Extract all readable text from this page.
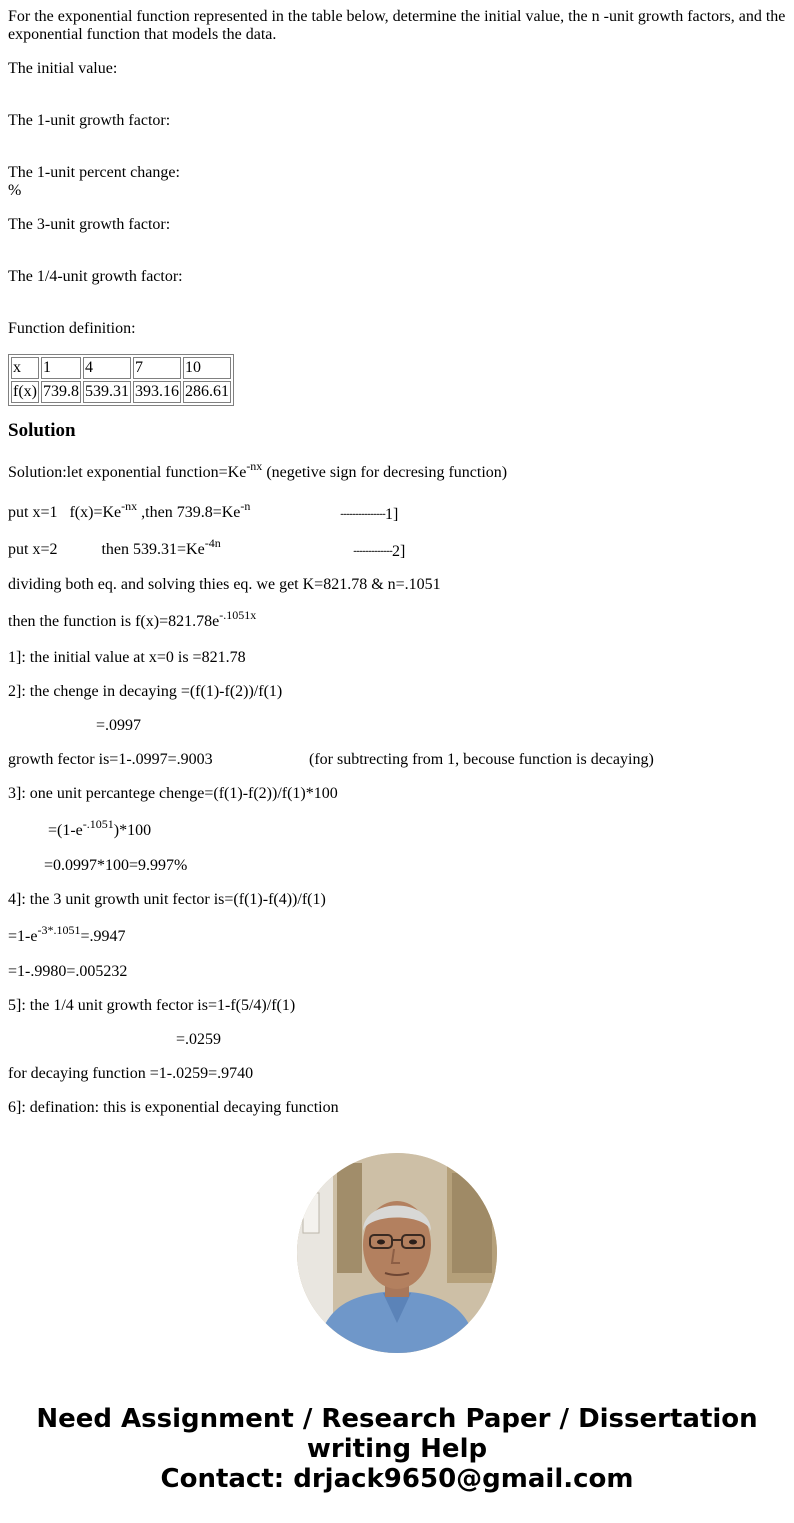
For the exponential function represented in the table below, determine the initial value, the n -unit growth factors, and the exponential function that models the data.

The initial value:

The 1-unit growth factor:

The 1-unit percent change:

%

The 3-unit growth factor:

The 1/4-unit growth factor:

Function definition:

x	1	4	7	10
f(x)	739.8	539.31	393.16	286.61
Solution
Solution:let exponential $function=Ke^{-nx}$ (negetive sign for decresing function)
put x=1   $f(x)=Ke^{-nx}$ ,then $739.8=Ke^{-n}$	..............................1]
put x=2           then $539.31=Ke^{-4n}$	..........................2]
dividing both eq. and solving thies eq. we get K=821.78 & n=.1051
then the function is $f(x)=821.78e^{-.1051x}$
1]: the initial value at x=0 is =821.78
2]: the chenge in decaying =(f(1)-f(2))/f(1)
=.0997
growth fector is=1-.0997=.9003	(for subtrecting from 1, becouse function is decaying)
3]: one unit percantege chenge=(f(1)-f(2))/f(1)*100
$=(1-e^{-.1051})*100$
=0.0997*100=9.997%
4]: the 3 unit growth unit fector is=(f(1)-f(4))/f(1)
$=1-e^{-3*.1051}=.9947$
=1-.9980=.005232
5]: the 1/4 unit growth fector is=1-f(5/4)/f(1)
=.0259
for decaying function =1-.0259=.9740
6]: defination: this is exponential decaying function
Need Assignment / Research Paper / Dissertation
writing Help
Contact: drjack9650@gmail.com
